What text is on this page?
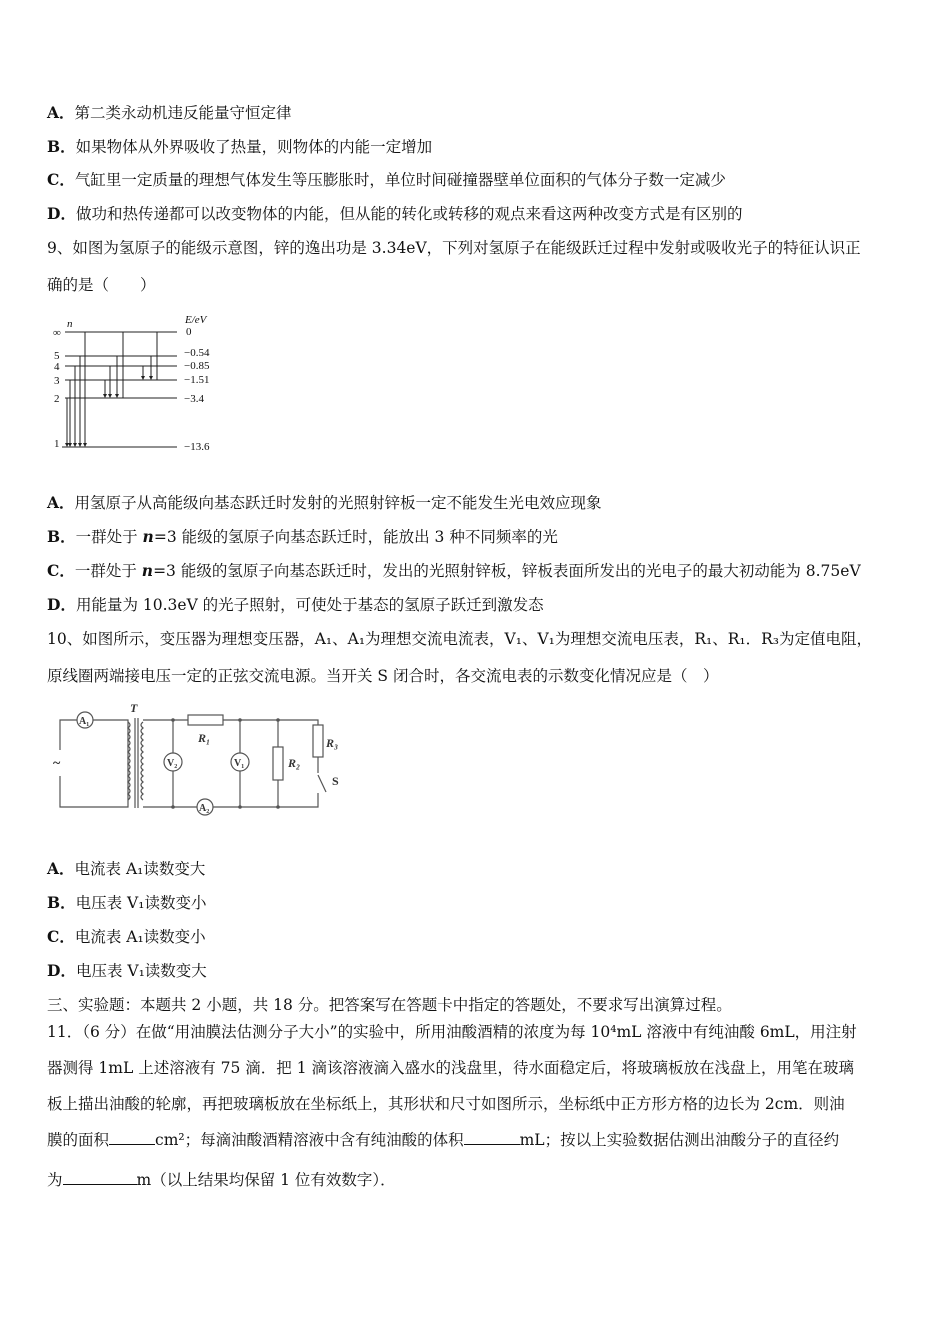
A．第二类永动机违反能量守恒定律
B．如果物体从外界吸收了热量，则物体的内能一定增加
C．气缸里一定质量的理想气体发生等压膨胀时，单位时间碰撞器壁单位面积的气体分子数一定减少
D．做功和热传递都可以改变物体的内能，但从能的转化或转移的观点来看这两种改变方式是有区别的
9、如图为氢原子的能级示意图，锌的逸出功是 3.34eV，下列对氢原子在能级跃迁过程中发射或吸收光子的特征认识正
确的是（　　）
n	E/eV
∞
5
4
3
2
1
0
−0.54
−0.85
−1.51
−3.4
−13.6
A．用氢原子从高能级向基态跃迁时发射的光照射锌板一定不能发生光电效应现象
B．一群处于 n=3 能级的氢原子向基态跃迁时，能放出 3 种不同频率的光
C．一群处于 n=3 能级的氢原子向基态跃迁时，发出的光照射锌板，锌板表面所发出的光电子的最大初动能为 8.75eV
D．用能量为 10.3eV 的光子照射，可使处于基态的氢原子跃迁到激发态
10、如图所示，变压器为理想变压器，A₁、A₁为理想交流电流表，V₁、V₁为理想交流电压表，R₁、R₁．R₃为定值电阻，
原线圈两端接电压一定的正弦交流电源。当开关 S 闭合时，各交流电表的示数变化情况应是（　）
~
T
A₁
V₂	V₁
A₂
R₁
R₂
R₃
S
A．电流表 A₁读数变大
B．电压表 V₁读数变小
C．电流表 A₁读数变小
D．电压表 V₁读数变大
三、实验题：本题共 2 小题，共 18 分。把答案写在答题卡中指定的答题处，不要求写出演算过程。
11．（6 分）在做“用油膜法估测分子大小”的实验中，所用油酸酒精的浓度为每 10⁴mL 溶液中有纯油酸 6mL，用注射
器测得 1mL 上述溶液有 75 滴．把 1 滴该溶液滴入盛水的浅盘里，待水面稳定后，将玻璃板放在浅盘上，用笔在玻璃
板上描出油酸的轮廓，再把玻璃板放在坐标纸上，其形状和尺寸如图所示，坐标纸中正方形方格的边长为 2cm．则油
膜的面积	cm²；每滴油酸酒精溶液中含有纯油酸的体积	mL；按以上实验数据估测出油酸分子的直径约
为	m（以上结果均保留 1 位有效数字）．
